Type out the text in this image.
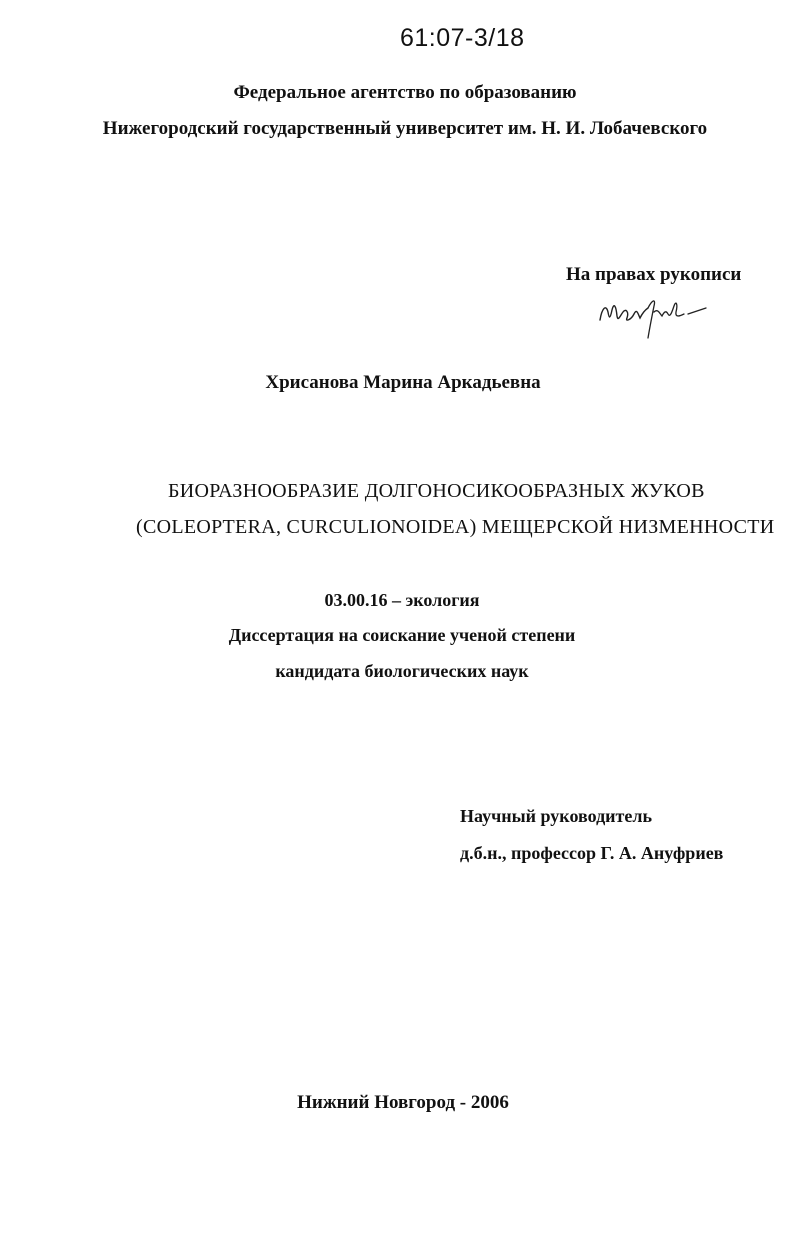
61:07-3/18
Федеральное агентство по образованию
Нижегородский государственный университет им. Н. И. Лобачевского
На правах рукописи
Хрисанова Марина Аркадьевна
БИОРАЗНООБРАЗИЕ ДОЛГОНОСИКООБРАЗНЫХ ЖУКОВ
(COLEOPTERA, CURCULIONOIDEA) МЕЩЕРСКОЙ НИЗМЕННОСТИ
03.00.16 – экология
Диссертация на соискание ученой степени
кандидата биологических наук
Научный руководитель
д.б.н., профессор Г. А. Ануфриев
Нижний Новгород - 2006
